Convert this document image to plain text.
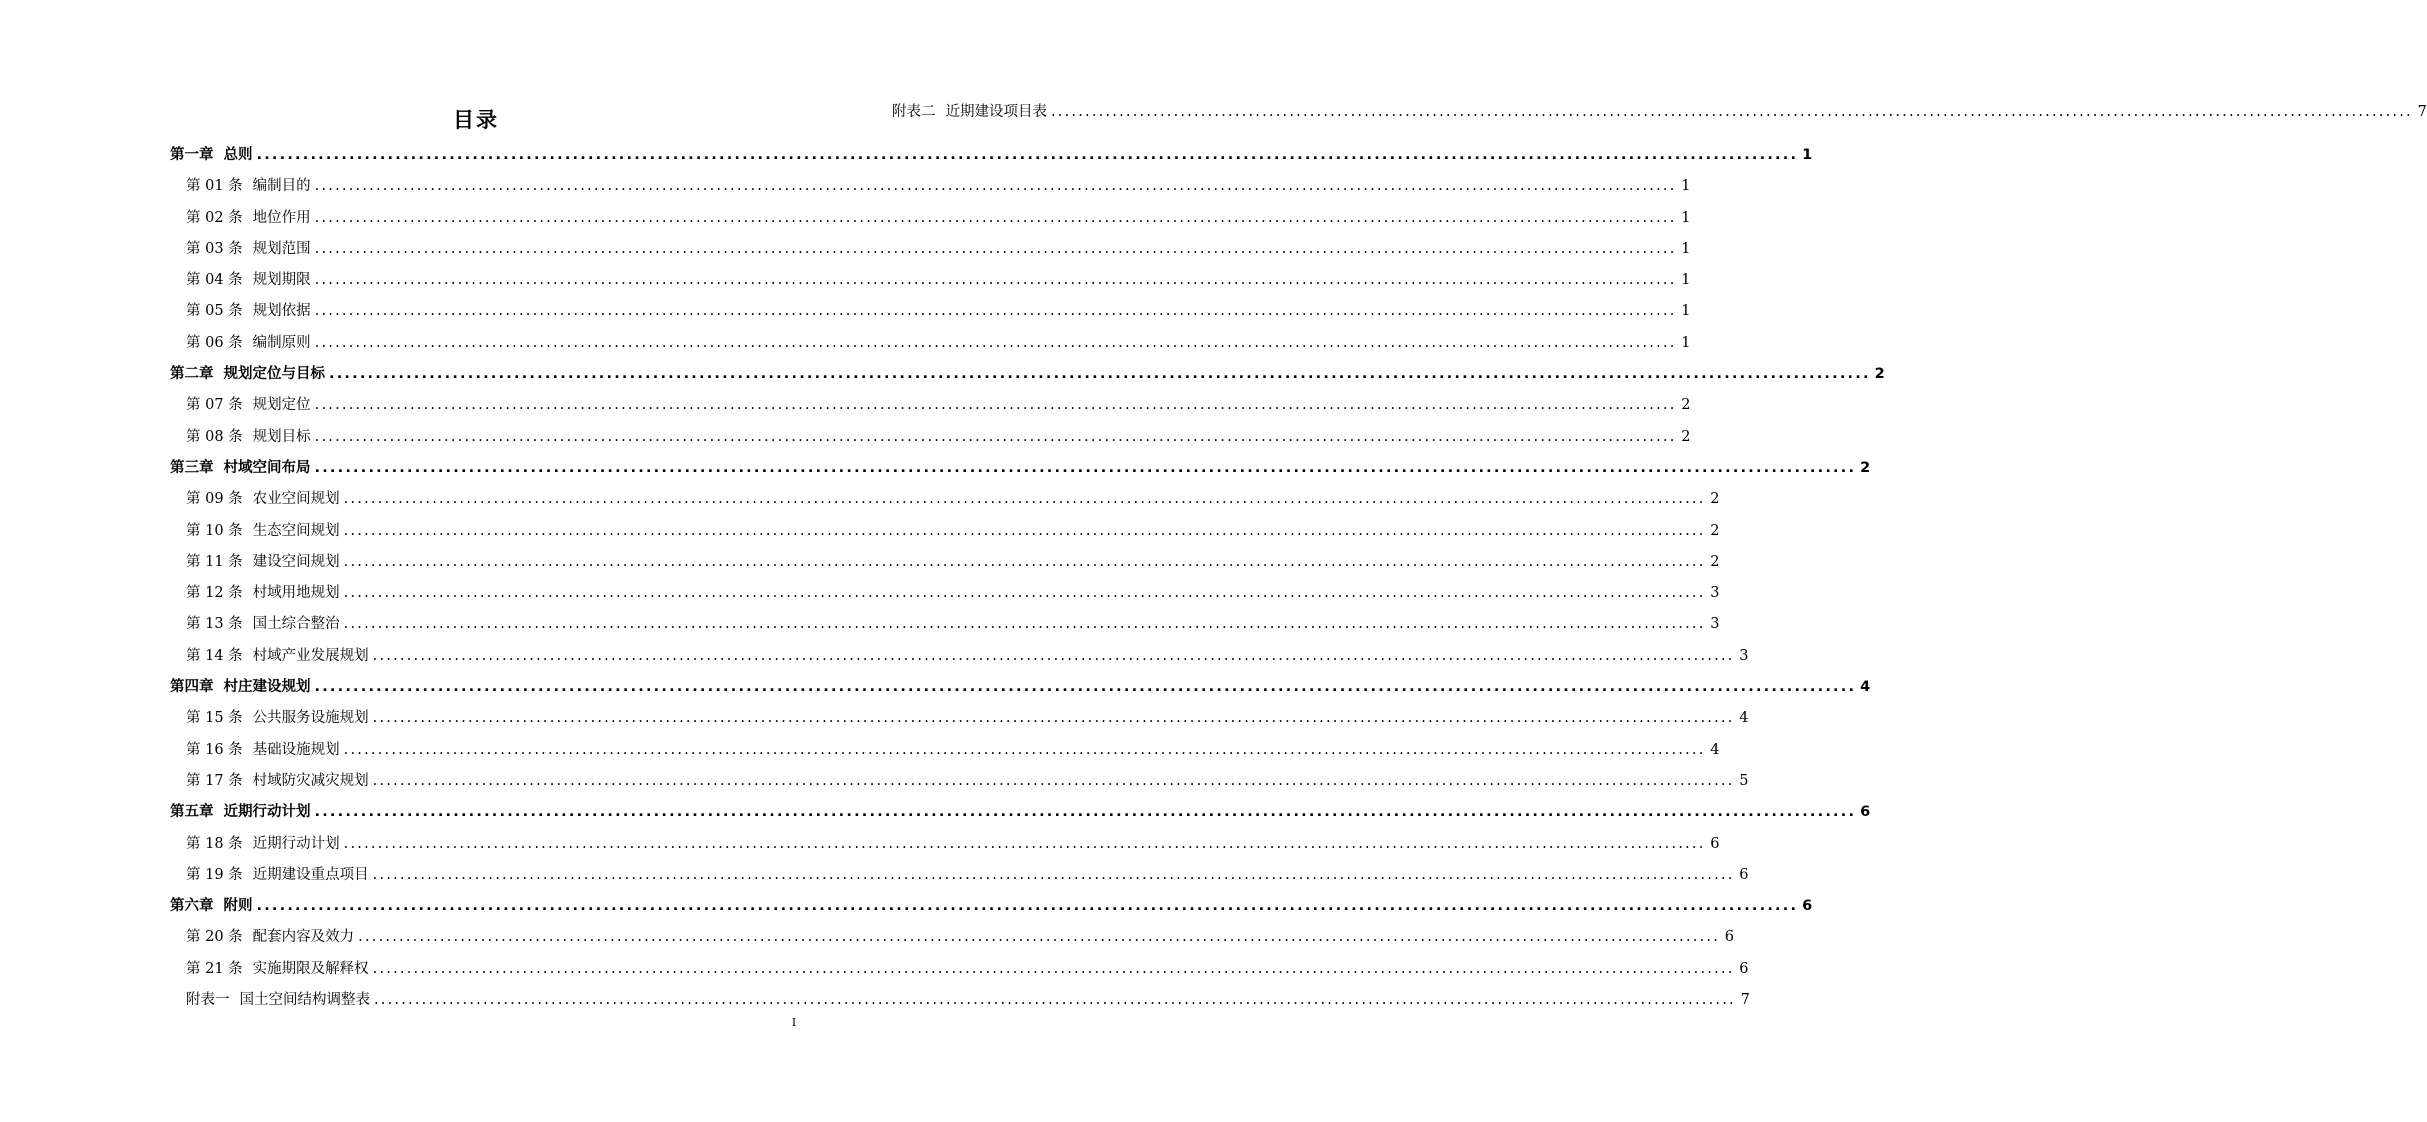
目录
第一章 总则 ........................................................................................................................................................................................................ 1
第 01 条 编制目的 ........................................................................................................................................................................................................ 1
第 02 条 地位作用 ........................................................................................................................................................................................................ 1
第 03 条 规划范围 ........................................................................................................................................................................................................ 1
第 04 条 规划期限 ........................................................................................................................................................................................................ 1
第 05 条 规划依据 ........................................................................................................................................................................................................ 1
第 06 条 编制原则 ........................................................................................................................................................................................................ 1
第二章 规划定位与目标 ........................................................................................................................................................................................................ 2
第 07 条 规划定位 ........................................................................................................................................................................................................ 2
第 08 条 规划目标 ........................................................................................................................................................................................................ 2
第三章 村域空间布局 ........................................................................................................................................................................................................ 2
第 09 条 农业空间规划 ........................................................................................................................................................................................................ 2
第 10 条 生态空间规划 ........................................................................................................................................................................................................ 2
第 11 条 建设空间规划 ........................................................................................................................................................................................................ 2
第 12 条 村域用地规划 ........................................................................................................................................................................................................ 3
第 13 条 国土综合整治 ........................................................................................................................................................................................................ 3
第 14 条 村域产业发展规划 ........................................................................................................................................................................................................ 3
第四章 村庄建设规划 ........................................................................................................................................................................................................ 4
第 15 条 公共服务设施规划 ........................................................................................................................................................................................................ 4
第 16 条 基础设施规划 ........................................................................................................................................................................................................ 4
第 17 条 村域防灾减灾规划 ........................................................................................................................................................................................................ 5
第五章 近期行动计划 ........................................................................................................................................................................................................ 6
第 18 条 近期行动计划 ........................................................................................................................................................................................................ 6
第 19 条 近期建设重点项目 ........................................................................................................................................................................................................ 6
第六章 附则 ........................................................................................................................................................................................................ 6
第 20 条 配套内容及效力 ........................................................................................................................................................................................................ 6
第 21 条 实施期限及解释权 ........................................................................................................................................................................................................ 6
附表一 国土空间结构调整表 ........................................................................................................................................................................................................ 7
附表二 近期建设项目表 ........................................................................................................................................................................................................ 7
I
